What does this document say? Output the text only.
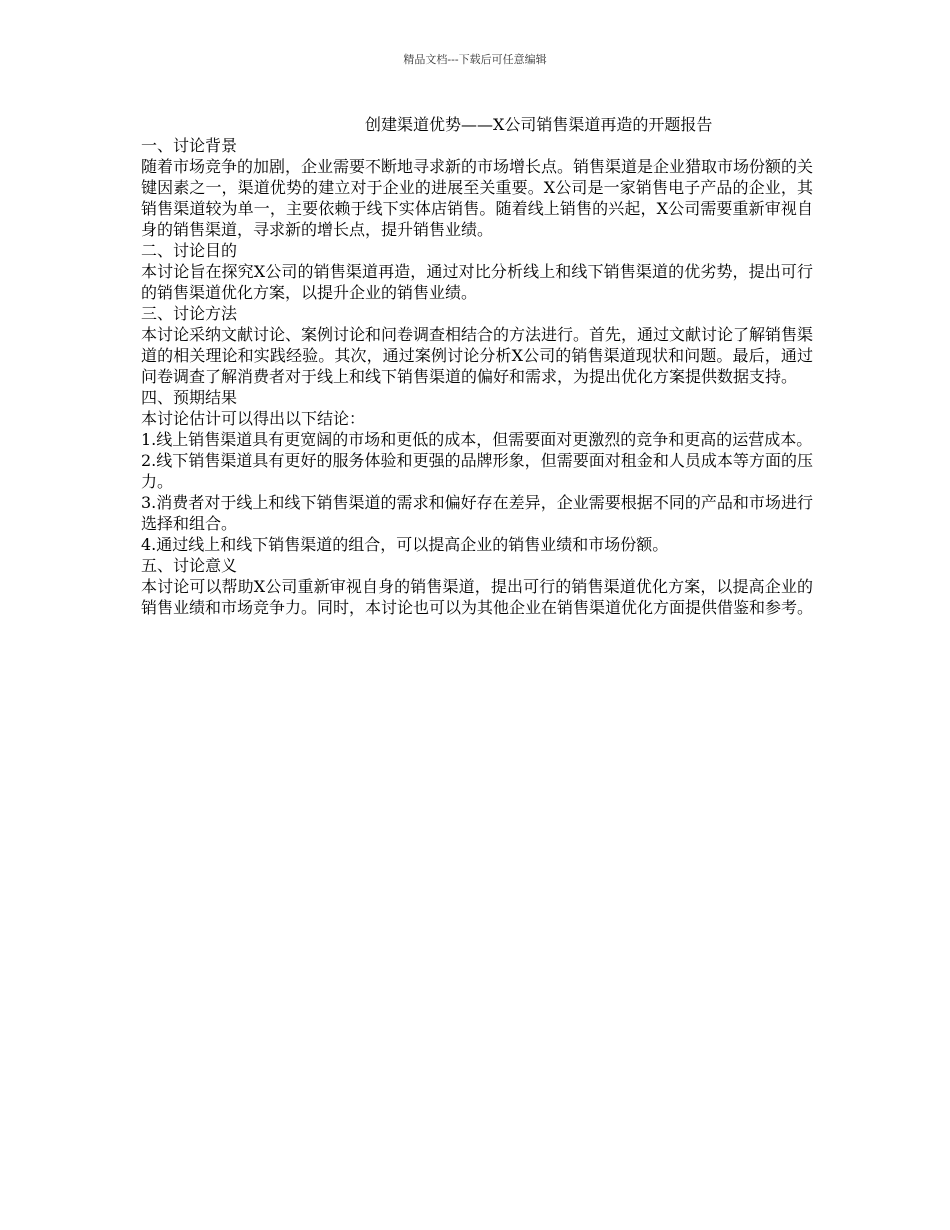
精品文档---下载后可任意编辑
创建渠道优势——X公司销售渠道再造的开题报告
一、讨论背景

随着市场竞争的加剧，企业需要不断地寻求新的市场增长点。销售渠道是企业猎取市场份额的关键因素之一，渠道优势的建立对于企业的进展至关重要。X公司是一家销售电子产品的企业，其销售渠道较为单一，主要依赖于线下实体店销售。随着线上销售的兴起，X公司需要重新审视自身的销售渠道，寻求新的增长点，提升销售业绩。

二、讨论目的

本讨论旨在探究X公司的销售渠道再造，通过对比分析线上和线下销售渠道的优劣势，提出可行的销售渠道优化方案，以提升企业的销售业绩。

三、讨论方法

本讨论采纳文献讨论、案例讨论和问卷调查相结合的方法进行。首先，通过文献讨论了解销售渠道的相关理论和实践经验。其次，通过案例讨论分析X公司的销售渠道现状和问题。最后，通过问卷调查了解消费者对于线上和线下销售渠道的偏好和需求，为提出优化方案提供数据支持。

四、预期结果

本讨论估计可以得出以下结论：

1.线上销售渠道具有更宽阔的市场和更低的成本，但需要面对更激烈的竞争和更高的运营成本。

2.线下销售渠道具有更好的服务体验和更强的品牌形象，但需要面对租金和人员成本等方面的压力。

3.消费者对于线上和线下销售渠道的需求和偏好存在差异，企业需要根据不同的产品和市场进行选择和组合。

4.通过线上和线下销售渠道的组合，可以提高企业的销售业绩和市场份额。

五、讨论意义

本讨论可以帮助X公司重新审视自身的销售渠道，提出可行的销售渠道优化方案，以提高企业的销售业绩和市场竞争力。同时，本讨论也可以为其他企业在销售渠道优化方面提供借鉴和参考。
